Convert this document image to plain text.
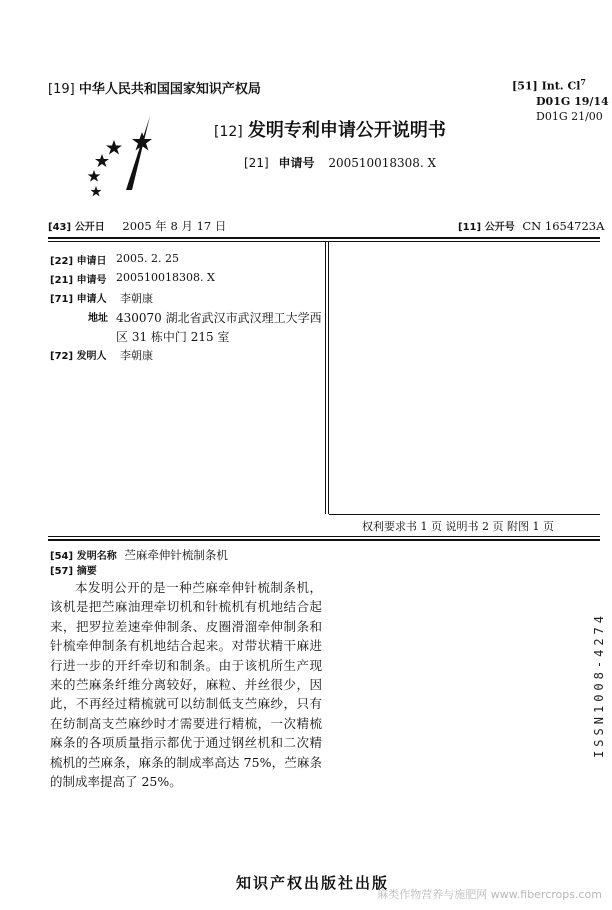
[19] 中华人民共和国国家知识产权局	[51] Int. Cl$^7$
D01G 19/14
D01G 21/00
[12] 发明专利申请公开说明书
[21] 申请号 200510018308. X
[43] 公开日 2005 年 8 月 17 日	[11] 公开号 CN 1654723A
[22] 申请日 2005. 2. 25
[21] 申请号 200510018308. X
[71] 申请人 李朝康
地址 430070 湖北省武汉市武汉理工大学西
区 31 栋中门 215 室
[72] 发明人 李朝康
权利要求书 1 页 说明书 2 页 附图 1 页
[54] 发明名称 苎麻牵伸针梳制条机
[57] 摘要

本发明公开的是一种苎麻牵伸针梳制条机，该机是把苎麻油理牵切机和针梳机有机地结合起来，把罗拉差速牵伸制条、皮圈滑溜牵伸制条和针梳牵伸制条有机地结合起来。对带状精干麻进行进一步的开纤牵切和制条。由于该机所生产现来的苎麻条纤维分离较好，麻粒、并丝很少，因此，不再经过精梳就可以纺制低支苎麻纱，只有在纺制高支苎麻纱时才需要进行精梳，一次精梳麻条的各项质量指示都优于通过钢丝机和二次精梳机的苎麻条，麻条的制成率高达 75%，苎麻条的制成率提高了 25%。

ISSN1008-4274
知识产权出版社出版
麻类作物营养与施肥网 www.fibercrops.com
